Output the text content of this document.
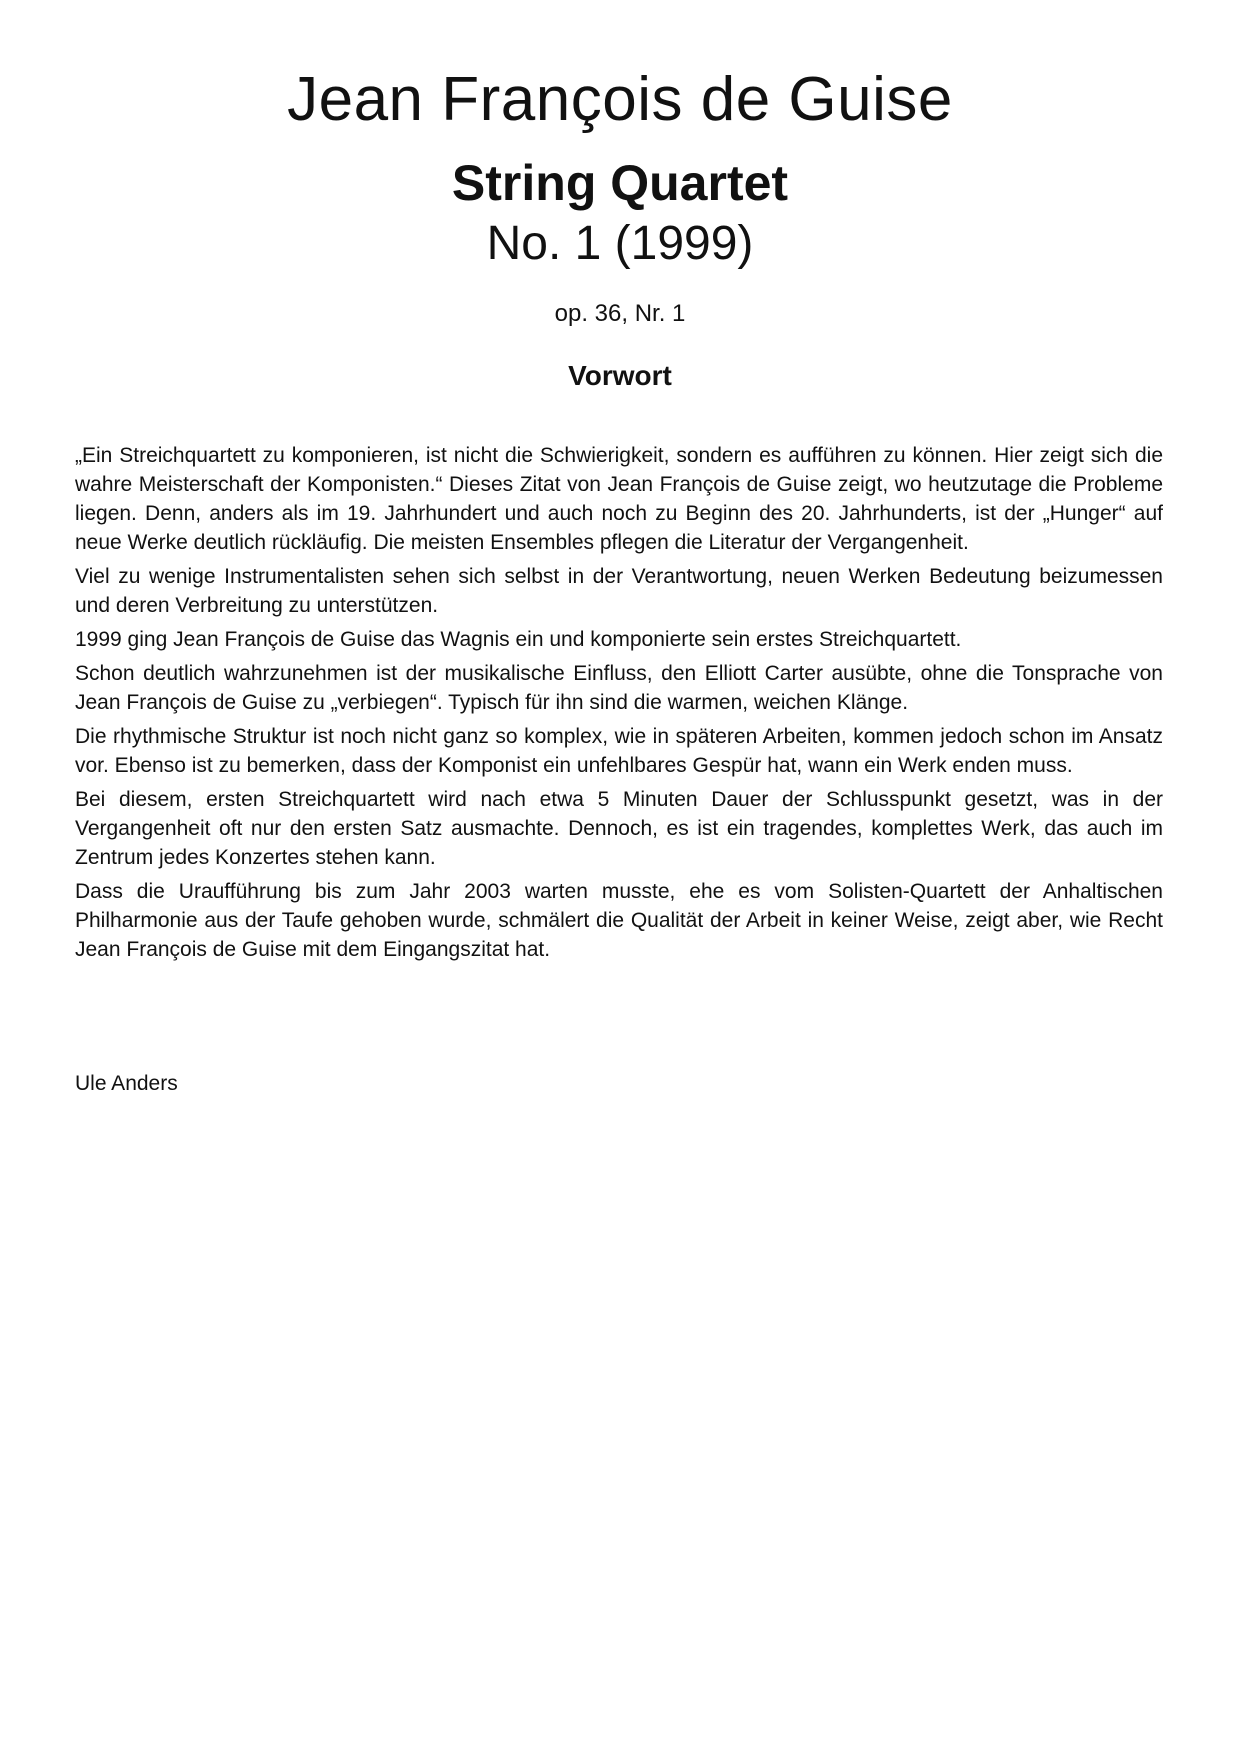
Jean François de Guise
String Quartet
No. 1 (1999)
op. 36, Nr. 1
Vorwort

„Ein Streichquartett zu komponieren, ist nicht die Schwierigkeit, sondern es aufführen zu können. Hier zeigt sich die wahre Meisterschaft der Komponisten.“ Dieses Zitat von Jean François de Guise zeigt, wo heutzutage die Probleme liegen. Denn, anders als im 19. Jahrhundert und auch noch zu Beginn des 20. Jahrhunderts, ist der „Hunger“ auf neue Werke deutlich rückläufig. Die meisten Ensembles pflegen die Literatur der Vergangenheit.

Viel zu wenige Instrumentalisten sehen sich selbst in der Verantwortung, neuen Werken Bedeutung beizumessen und deren Verbreitung zu unterstützen.

1999 ging Jean François de Guise das Wagnis ein und komponierte sein erstes Streichquartett.

Schon deutlich wahrzunehmen ist der musikalische Einfluss, den Elliott Carter ausübte, ohne die Tonsprache von Jean François de Guise zu „verbiegen“. Typisch für ihn sind die warmen, weichen Klänge.

Die rhythmische Struktur ist noch nicht ganz so komplex, wie in späteren Arbeiten, kommen jedoch schon im Ansatz vor. Ebenso ist zu bemerken, dass der Komponist ein unfehlbares Gespür hat, wann ein Werk enden muss.

Bei diesem, ersten Streichquartett wird nach etwa 5 Minuten Dauer der Schlusspunkt gesetzt, was in der Vergangenheit oft nur den ersten Satz ausmachte. Dennoch, es ist ein tragendes, komplettes Werk, das auch im Zentrum jedes Konzertes stehen kann.

Dass die Uraufführung bis zum Jahr 2003 warten musste, ehe es vom Solisten-Quartett der Anhaltischen Philharmonie aus der Taufe gehoben wurde, schmälert die Qualität der Arbeit in keiner Weise, zeigt aber, wie Recht Jean François de Guise mit dem Eingangszitat hat.

Ule Anders
